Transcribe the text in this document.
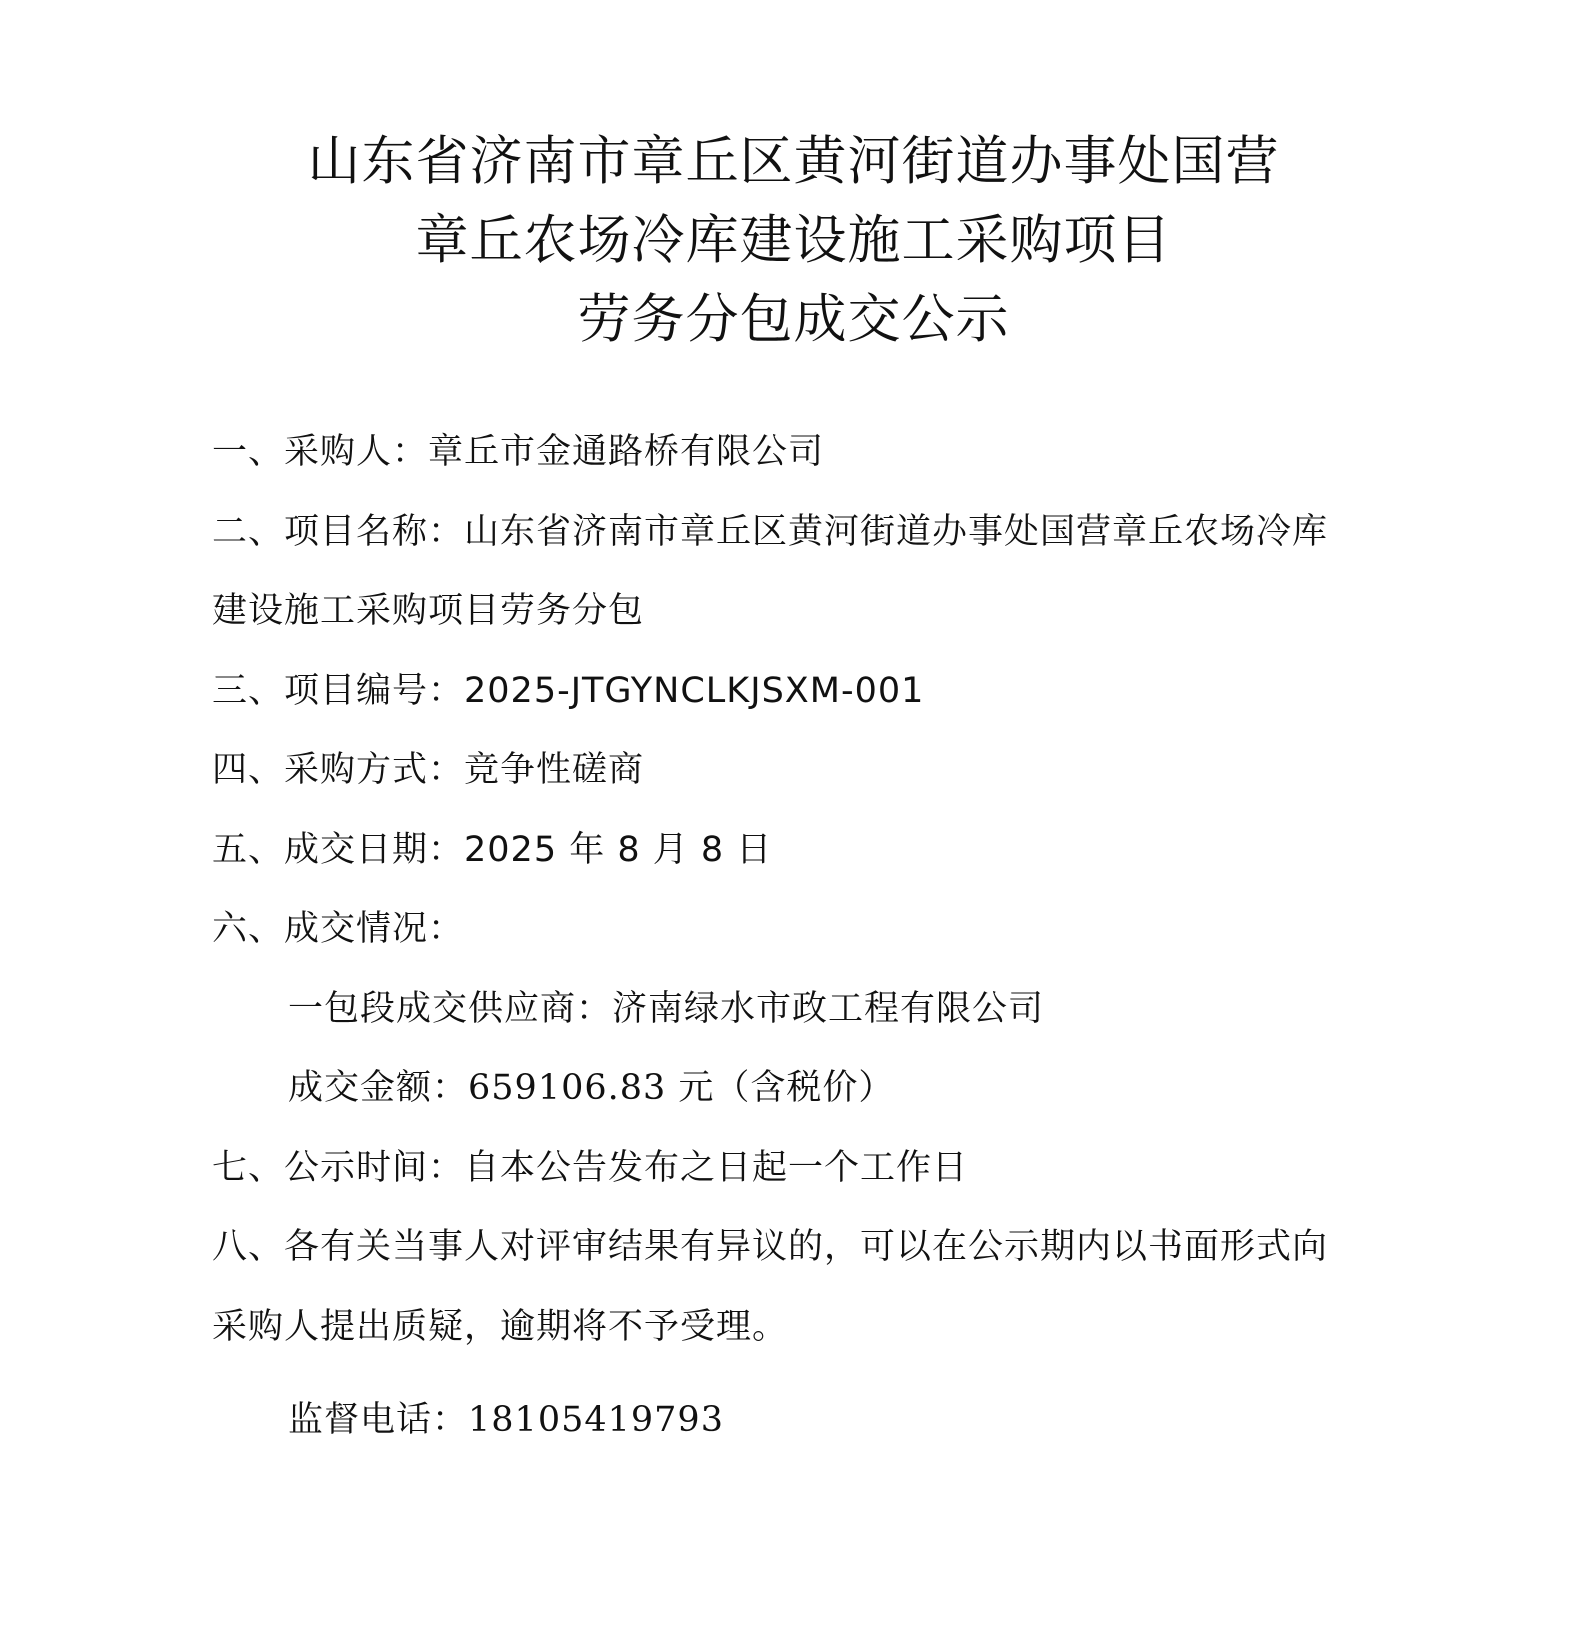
山东省济南市章丘区黄河街道办事处国营
章丘农场冷库建设施工采购项目
劳务分包成交公示
一、采购人：章丘市金通路桥有限公司
二、项目名称：山东省济南市章丘区黄河街道办事处国营章丘农场冷库
建设施工采购项目劳务分包
三、项目编号：2025-JTGYNCLKJSXM-001
四、采购方式：竞争性磋商
五、成交日期：2025 年 8 月 8 日
六、成交情况：
一包段成交供应商：济南绿水市政工程有限公司
成交金额：659106.83 元（含税价）
七、公示时间：自本公告发布之日起一个工作日
八、各有关当事人对评审结果有异议的，可以在公示期内以书面形式向
采购人提出质疑，逾期将不予受理。
监督电话：18105419793
